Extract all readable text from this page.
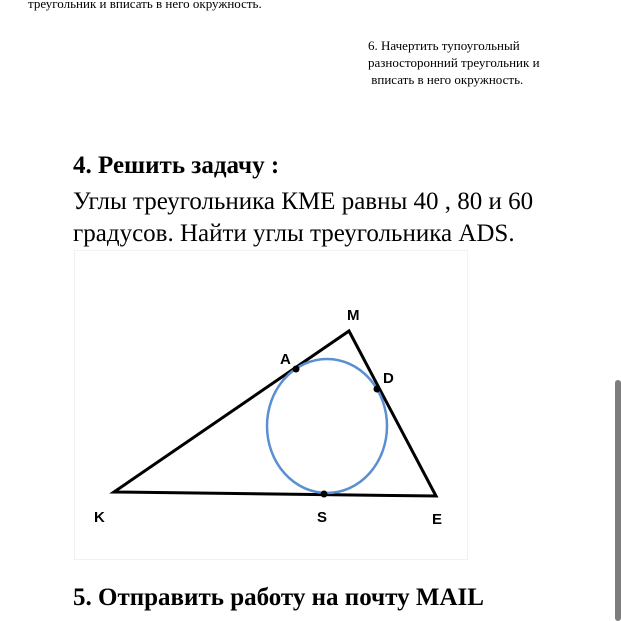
треугольник и вписать в него окружность.
6. Начертить тупоугольный
разносторонний треугольник и
вписать в него окружность.
4. Решить задачу :
Углы треугольника КМЕ равны 40 , 80 и 60
градусов. Найти углы треугольника ADS.
M
A
D
K	S	E
5. Отправить работу на почту MAIL
